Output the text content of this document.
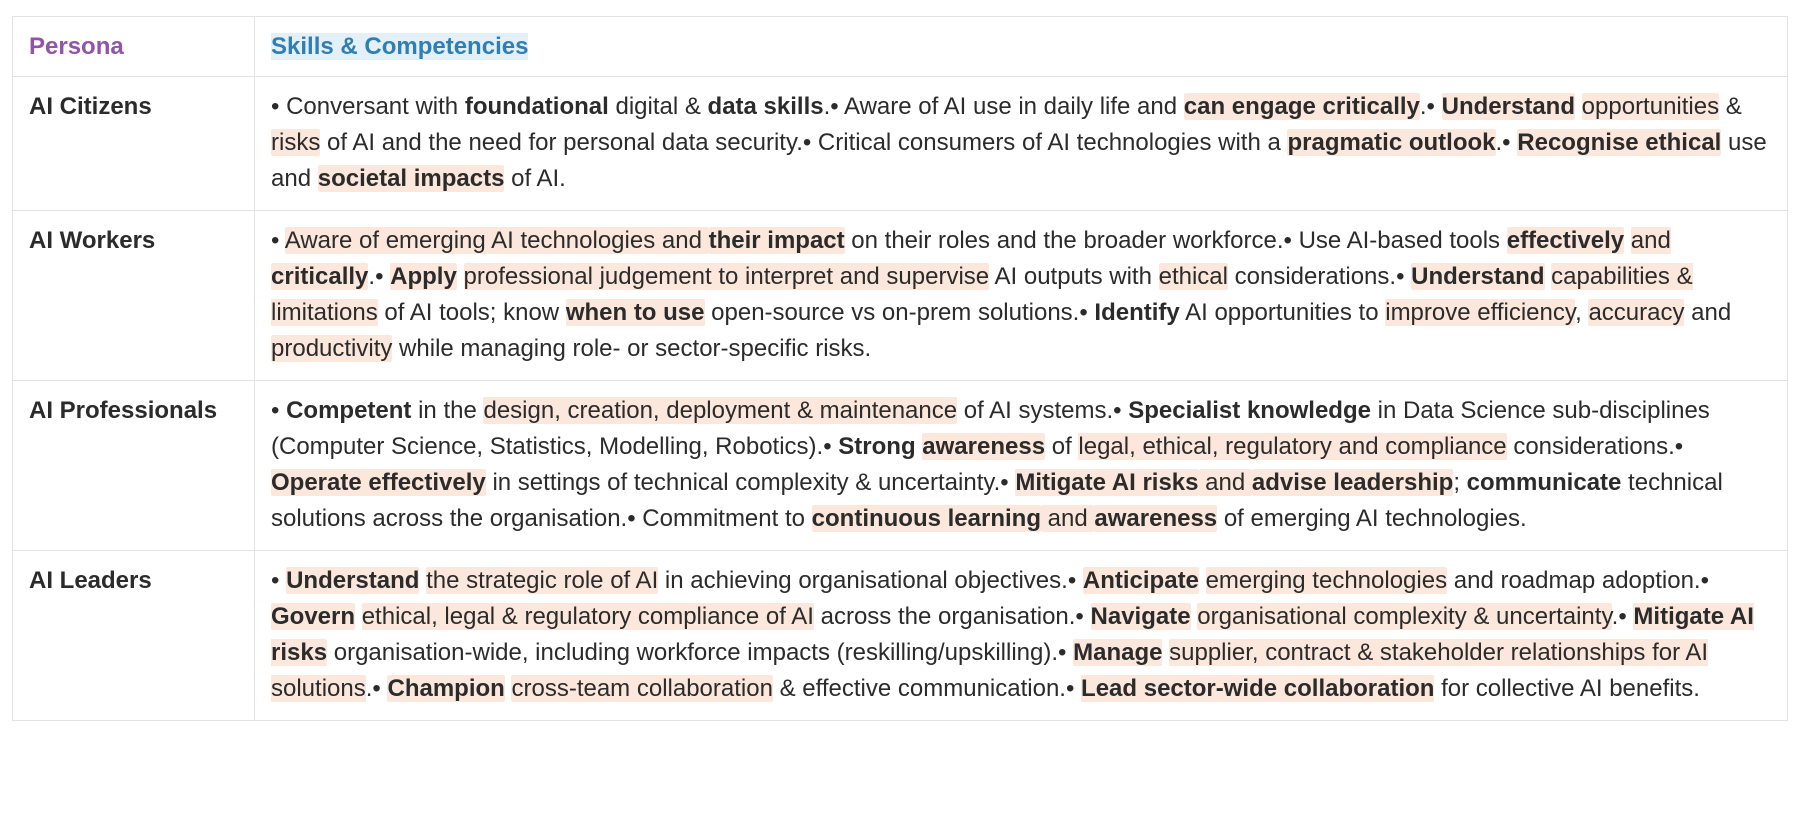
Persona	Skills & Competencies
AI Citizens	• Conversant with foundational digital & data skills.• Aware of AI use in daily life and can engage critically.• Understand opportunities & risks of AI and the need for personal data security.• Critical consumers of AI technologies with a pragmatic outlook.• Recognise ethical use and societal impacts of AI.
AI Workers	• Aware of emerging AI technologies and their impact on their roles and the broader workforce.• Use AI-based tools effectively and critically.• Apply professional judgement to interpret and supervise AI outputs with ethical considerations.• Understand capabilities & limitations of AI tools; know when to use open-source vs on-prem solutions.• Identify AI opportunities to improve efficiency, accuracy and productivity while managing role- or sector-specific risks.
AI Professionals	• Competent in the design, creation, deployment & maintenance of AI systems.• Specialist knowledge in Data Science sub-disciplines (Computer Science, Statistics, Modelling, Robotics).• Strong awareness of legal, ethical, regulatory and compliance considerations.• Operate effectively in settings of technical complexity & uncertainty.• Mitigate AI risks and advise leadership; communicate technical solutions across the organisation.• Commitment to continuous learning and awareness of emerging AI technologies.
AI Leaders	• Understand the strategic role of AI in achieving organisational objectives.• Anticipate emerging technologies and roadmap adoption.• Govern ethical, legal & regulatory compliance of AI across the organisation.• Navigate organisational complexity & uncertainty.• Mitigate AI risks organisation-wide, including workforce impacts (reskilling/upskilling).• Manage supplier, contract & stakeholder relationships for AI solutions.• Champion cross-team collaboration & effective communication.• Lead sector-wide collaboration for collective AI benefits.
